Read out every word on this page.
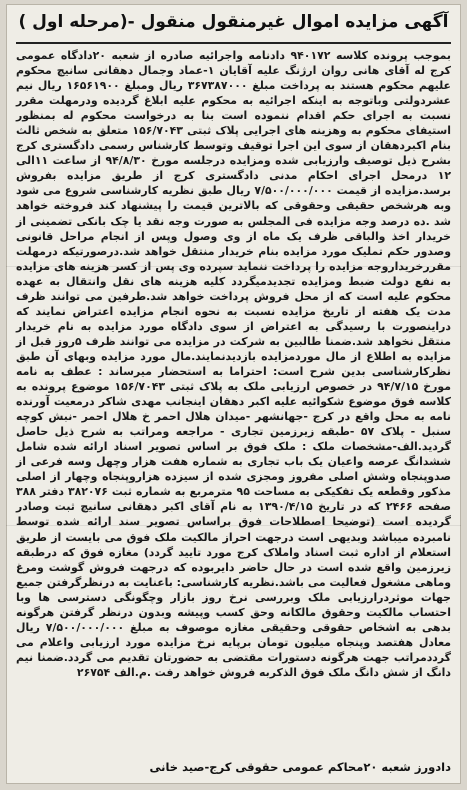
آگهی مزایده اموال غیرمنقول منقول -(مرحله اول )
بموجب پرونده کلاسه ۹۴۰۱۷۲ دادنامه واجرائیه صادره از شعبه ۲۰دادگاه عمومی کرج له آقای هانی روان ارژنگ علیه آقایان ۱-عماد وجمال دهقانی سانیچ محکوم علیهم محکوم هستند به پرداخت مبلغ ۳۶۷۳۸۷۰۰۰ ریال ومبلغ ۱۶۵۶۱۹۰۰ ریال نیم عشردولتی وباتوجه به اینکه اجرائیه به محکوم علیه ابلاغ گردیده ودرمهلت مقرر نسبت به اجرای حکم اقدام ننموده است بنا به درخواست محکوم له بمنظور استیفای محکوم به وهزینه های اجرایی پلاک ثبتی ۱۵۶/۷۰۴۳ متعلق به شخص ثالث بنام اکبردهقان از سوی این اجرا توقیف وتوسط کارشناس رسمی دادگستری کرج بشرح ذیل توصیف وارزیابی شده ومزایده درجلسه مورخ ۹۴/۸/۳۰ از ساعت ۱۱الی ۱۲ درمحل اجرای احکام مدنی دادگستری کرج از طریق مزایده بفروش برسد.مزایده از قیمت ۷/۵۰۰/۰۰۰/۰۰۰ ریال طبق نظریه کارشناسی شروع می شود وبه هرشخص حقیقی وحقوقی که بالاترین قیمت را پیشنهاد کند فروخته خواهد شد .ده درصد وجه مزایده فی المجلس به صورت وجه نقد یا چک بانکی تضمینی از خریدار اخذ والباقی ظرف یک ماه از وی وصول وپس از انجام مراحل قانونی وصدور حکم تملیک مورد مزایده بنام خریدار منتقل خواهد شد.درصورتیکه درمهلت مقررخریداروجه مزایده را پرداخت ننماید سپرده وی پس از کسر هزینه های مزایده به نفع دولت ضبط ومزایده تجدیدمیگردد کلیه هزینه های نقل وانتقال به عهده محکوم علیه است که از محل فروش پرداخت خواهد شد.طرفین می توانند ظرف مدت یک هفته از تاریخ مزایده نسبت به نحوه انجام مزایده اعتراض نمایند که دراینصورت با رسیدگی به اعتراض از سوی دادگاه مورد مزایده به نام خریدار منتقل نخواهد شد.ضمنا طالبین به شرکت در مزایده می توانند ظرف ۵روز قبل از مزایده به اطلاع از مال موردمزایده بازدیدنمایند.مال مورد مزایده وبهای آن طبق نظرکارشناسی بدین شرح است: احتراما به استحضار میرساند : عطف به نامه مورخ ۹۴/۷/۱۵ در خصوص ارزیابی ملک به پلاک ثبتی ۱۵۶/۷۰۴۳ موضوع پرونده به کلاسه فوق موضوع شکوائیه علیه اکبر دهقان اینجانب مهدی شاکر درمعیت آورنده نامه به محل واقع در کرج -جهانشهر -میدان هلال احمر خ هلال احمر -نبش کوچه سنبل - پلاک ۵۷ -طبقه زیرزمین تجاری - مراجعه ومراتب به شرح ذیل حاصل گردید.الف-مشخصات ملک : ملک فوق بر اساس تصویر اسناد ارائه شده شامل ششدانگ عرصه واعیان یک باب تجاری به شماره هفت هزار وچهل وسه فرعی از صدوپنجاه وشش اصلی مفروز ومجزی شده از سیزده هزاروپنجاه وچهار از اصلی مذکور وقطعه یک تفکیکی به مساحت ۹۵ مترمربع به شماره ثبت ۳۸۲۰۷۶ دفتر ۳۸۸ صفحه ۲۴۶۶ که در تاریخ ۱۳۹۰/۴/۱۵ به نام آقای اکبر دهقانی سانیچ ثبت وصادر گردیده است (توضیحا اصطلاحات فوق براساس تصویر سند ارائه شده توسط نامبرده میباشد وبدیهی است درجهت احراز مالکیت ملک فوق می بایست از طریق استعلام از اداره ثبت اسناد واملاک کرج مورد تایید گردد) مغازه فوق که درطبقه زیرزمین واقع شده است در حال حاضر دایربوده که درجهت فروش گوشت ومرغ وماهی مشغول فعالیت می باشد.نظریه کارشناسی: باعنایت به درنظرگرفتن جمیع جهات موثردرارزیابی ملک وبررسی نرخ روز بازار وچگونگی دسترسی ها وبا احتساب مالکیت وحقوق مالکانه وحق کسب وپیشه وبدون درنظر گرفتن هرگونه بدهی به اشخاص حقوقی وحقیقی مغازه موصوف به مبلغ ۷/۵۰۰/۰۰۰/۰۰۰ ریال معادل هفتصد وپنجاه میلیون تومان برپایه نرخ مزایده مورد ارزیابی واعلام می گرددمراتب جهت هرگونه دستورات مقتضی به حضورتان تقدیم می گردد.ضمنا نیم دانگ از شش دانگ ملک فوق الذکربه فروش خواهد رفت .م.الف ۲۶۷۵۴
دادورز شعبه ۲۰محاکم عمومی حقوقی کرج-صید خانی
